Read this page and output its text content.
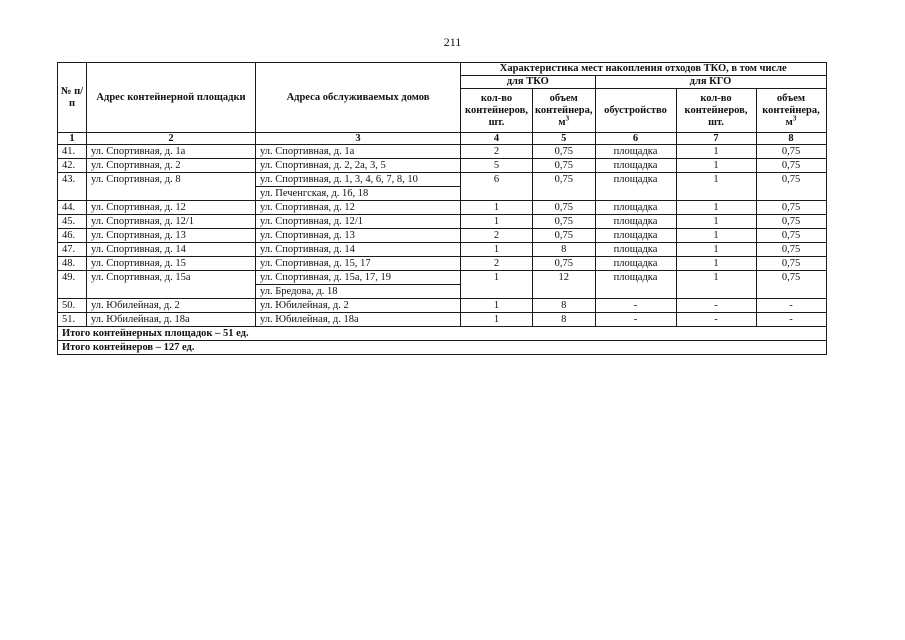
211
№ п/п	Адрес контейнерной площадки	Адреса обслуживаемых домов	Характеристика мест накопления отходов ТКО, в том числе				
			для ТКО		для КГО		
			кол-во контейнеров, шт.	объем контейнера, $м^3$	обустройство	кол-во контейнеров, шт.	объем контейнера, $м^3$
1	2	3	4	5	6	7	8
41.	ул. Спортивная, д. 1а	ул. Спортивная, д. 1а	2	0,75	площадка	1	0,75
42.	ул. Спортивная, д. 2	ул. Спортивная, д. 2, 2а, 3, 5	5	0,75	площадка	1	0,75
43.	ул. Спортивная, д. 8	ул. Спортивная, д. 1, 3, 4, 6, 7, 8, 10	6	0,75	площадка	1	0,75
		ул. Печенгская, д. 16, 18					
44.	ул. Спортивная, д. 12	ул. Спортивная, д. 12	1	0,75	площадка	1	0,75
45.	ул. Спортивная, д. 12/1	ул. Спортивная, д. 12/1	1	0,75	площадка	1	0,75
46.	ул. Спортивная, д. 13	ул. Спортивная, д. 13	2	0,75	площадка	1	0,75
47.	ул. Спортивная, д. 14	ул. Спортивная, д. 14	1	8	площадка	1	0,75
48.	ул. Спортивная, д. 15	ул. Спортивная, д. 15, 17	2	0,75	площадка	1	0,75
49.	ул. Спортивная, д. 15а	ул. Спортивная, д. 15а, 17, 19	1	12	площадка	1	0,75
		ул. Бредова, д. 18					
50.	ул. Юбилейная, д. 2	ул. Юбилейная, д. 2	1	8	-	-	-
51.	ул. Юбилейная, д. 18а	ул. Юбилейная, д. 18а	1	8	-	-	-
Итого контейнерных площадок – 51 ед.							
Итого контейнеров – 127 ед.							
